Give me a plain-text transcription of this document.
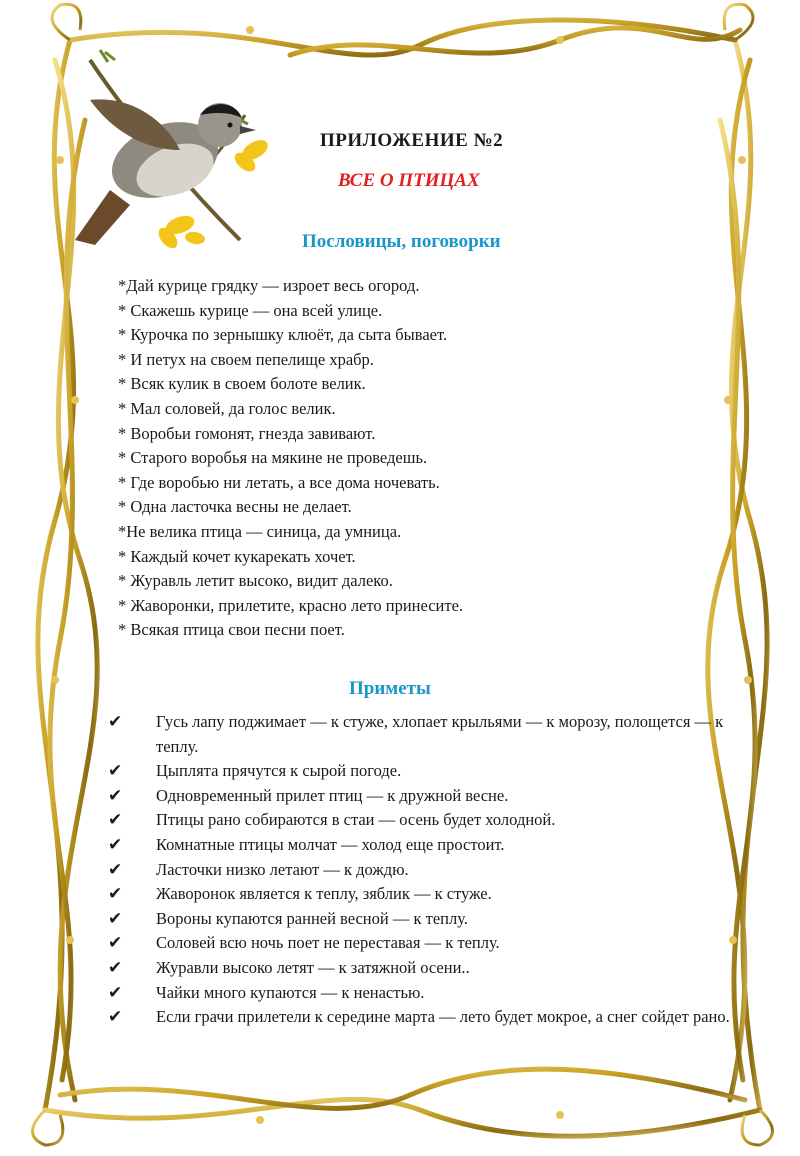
ПРИЛОЖЕНИЕ №2
ВСЕ О ПТИЦАХ
Пословицы, поговорки
*Дай курице грядку — изроет весь огород.
* Скажешь курице — она всей улице.
* Курочка по зернышку клюёт, да сыта бывает.
* И петух на своем пепелище храбр.
* Всяк кулик в своем болоте велик.
* Мал соловей, да голос велик.
* Воробьи гомонят, гнезда завивают.
* Старого воробья на мякине не проведешь.
* Где воробью ни летать, а все дома ночевать.
* Одна ласточка весны не делает.
*Не велика птица — синица, да умница.
* Каждый кочет кукарекать хочет.
* Журавль летит высоко, видит далеко.
* Жаворонки, прилетите, красно лето принесите.
* Всякая птица свои песни поет.
Приметы
✔	Гусь лапу поджимает — к стуже, хлопает крыльями — к морозу, полощется — к теплу.
✔	Цыплята прячутся к сырой погоде.
✔	Одновременный прилет птиц — к дружной весне.
✔	Птицы рано собираются в стаи — осень будет холодной.
✔	Комнатные птицы молчат — холод еще простоит.
✔	Ласточки низко летают — к дождю.
✔	Жаворонок является к теплу, зяблик — к стуже.
✔	Вороны купаются ранней весной — к теплу.
✔	Соловей всю ночь поет не переставая — к теплу.
✔	Журавли высоко летят — к затяжной осени..
✔	Чайки много купаются — к ненастью.
✔	Если грачи прилетели к середине марта — лето будет мокрое, а снег сойдет рано.
